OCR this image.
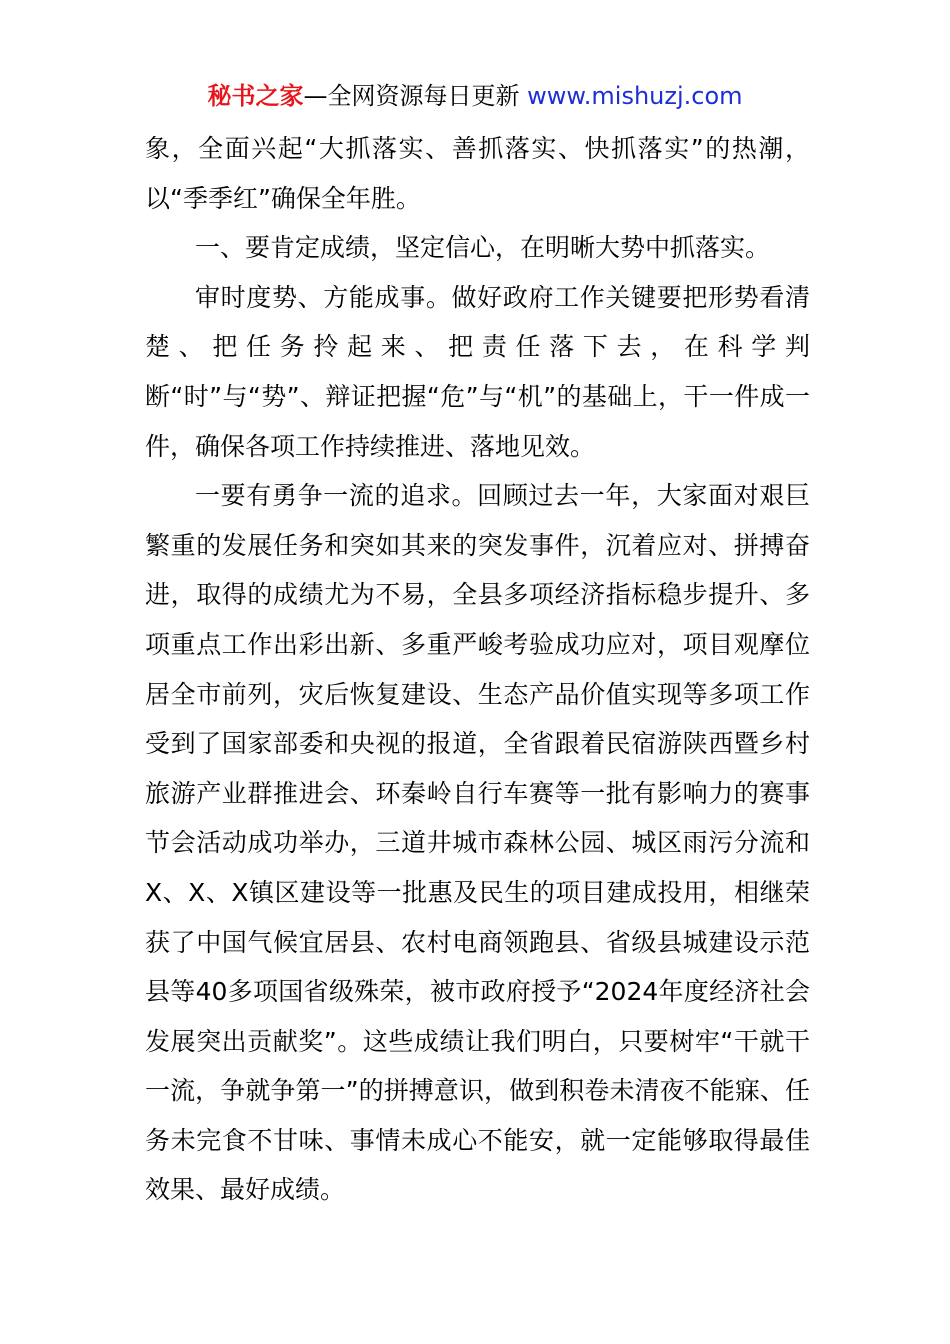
秘书之家—全网资源每日更新 www.mishuzj.com

象，全面兴起“大抓落实、善抓落实、快抓落实”的热潮，以“季季红”确保全年胜。

一、要肯定成绩，坚定信心，在明晰大势中抓落实。

审时度势、方能成事。做好政府工作关键要把形势看清楚、把任务拎起来、把责任落下去，在科学判断“时”与“势”、辩证把握“危”与“机”的基础上，干一件成一件，确保各项工作持续推进、落地见效。

一要有勇争一流的追求。回顾过去一年，大家面对艰巨繁重的发展任务和突如其来的突发事件，沉着应对、拼搏奋进，取得的成绩尤为不易，全县多项经济指标稳步提升、多项重点工作出彩出新、多重严峻考验成功应对，项目观摩位居全市前列，灾后恢复建设、生态产品价值实现等多项工作受到了国家部委和央视的报道，全省跟着民宿游陕西暨乡村旅游产业群推进会、环秦岭自行车赛等一批有影响力的赛事节会活动成功举办，三道井城市森林公园、城区雨污分流和X、X、X镇区建设等一批惠及民生的项目建成投用，相继荣获了中国气候宜居县、农村电商领跑县、省级县城建设示范县等40多项国省级殊荣，被市政府授予“2024年度经济社会发展突出贡献奖”。这些成绩让我们明白，只要树牢“干就干一流，争就争第一”的拼搏意识，做到积卷未清夜不能寐、任务未完食不甘味、事情未成心不能安，就一定能够取得最佳效果、最好成绩。
